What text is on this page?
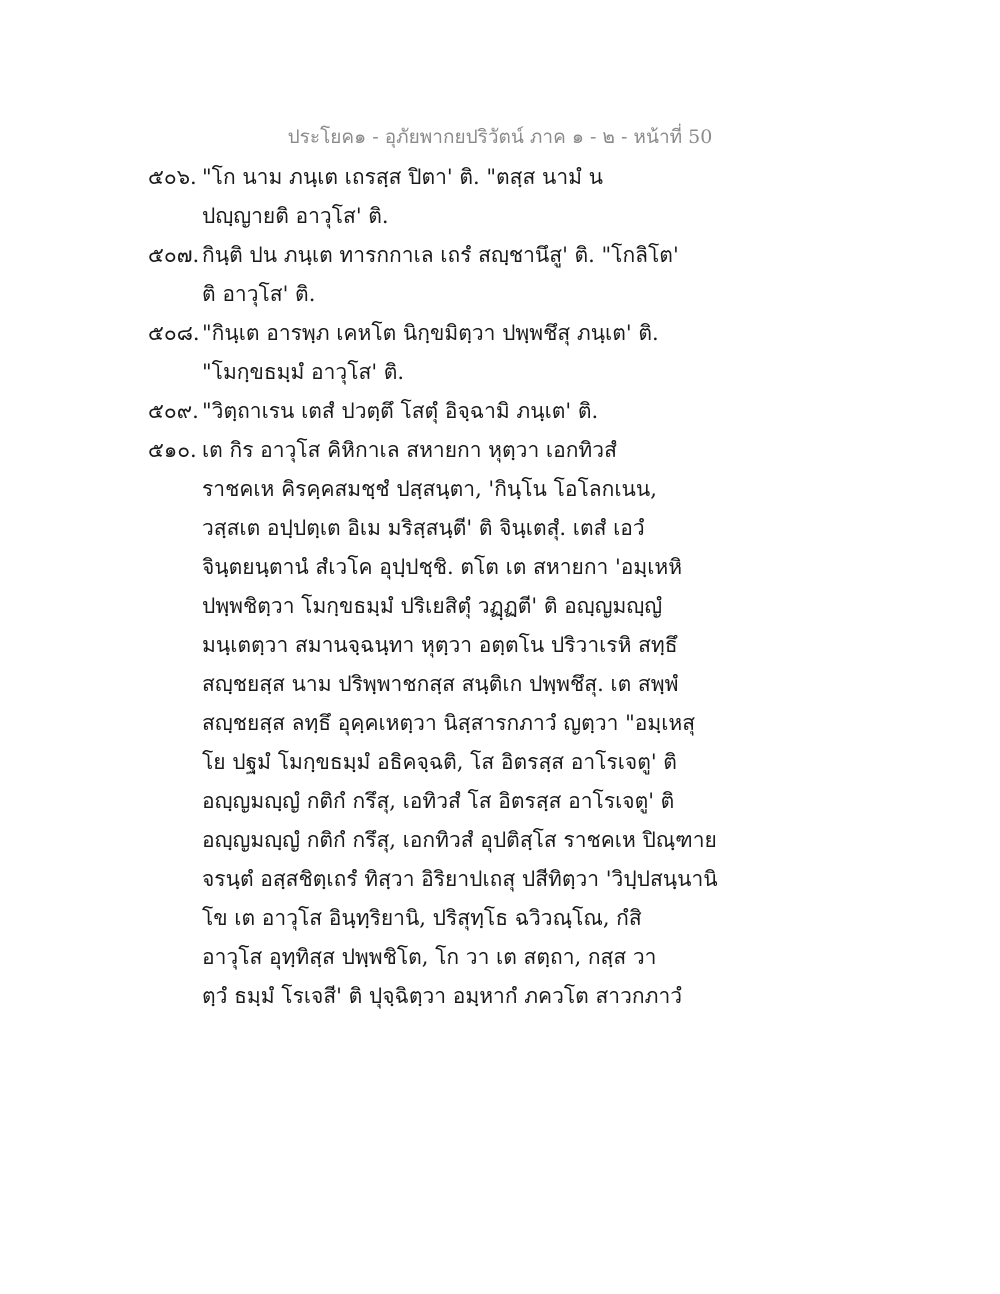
ประโยค๑ - อุภัยพากยปริวัตน์ ภาค ๑ - ๒ - หน้าที่ 50
๕๐๖. "โก นาม ภนฺเต เถรสฺส ปิตา' ติ. "ตสฺส นามํ น
ปญฺญายติ อาวุโส' ติ.
๕๐๗. กินฺติ ปน ภนฺเต ทารกกาเล เถรํ สญฺชานึสู' ติ. "โกลิโต'
ติ อาวุโส' ติ.
๕๐๘. "กินฺเต อารพฺภ เคหโต นิกฺขมิตฺวา ปพฺพชึสุ ภนฺเต' ติ.
"โมกฺขธมฺมํ อาวุโส' ติ.
๕๐๙. "วิตฺถาเรน เตสํ ปวตฺตึ โสตุํ อิจฺฉามิ ภนฺเต' ติ.
๕๑๐. เต กิร อาวุโส คิหิกาเล สหายกา หุตฺวา เอกทิวสํ
ราชคเห คิรคฺคสมชฺชํ ปสฺสนฺตา, 'กินฺโน โอโลกเนน,
วสฺสเต อปฺปตฺเต อิเม มริสฺสนฺตี' ติ จินฺเตสุํ. เตสํ เอวํ
จินฺตยนฺตานํ สํเวโค อุปฺปชฺชิ. ตโต เต สหายกา 'อมฺเหหิ
ปพฺพชิตฺวา โมกฺขธมฺมํ ปริเยสิตุํ วฏฺฏตี' ติ อญฺญมญฺญํ
มนฺเตตฺวา สมานจฺฉนฺทา หุตฺวา อตฺตโน ปริวาเรหิ สทฺธึ
สญฺชยสฺส นาม ปริพฺพาชกสฺส สนฺติเก ปพฺพชึสุ. เต สพฺพํ
สญฺชยสฺส ลทฺธึ อุคฺคเหตฺวา นิสฺสารกภาวํ ญตฺวา "อมฺเหสุ
โย ปฐมํ โมกฺขธมฺมํ อธิคจฺฉติ, โส อิตรสฺส อาโรเจตู' ติ
อญฺญมญฺญํ กติกํ กรึสุ, เอทิวสํ โส อิตรสฺส อาโรเจตู' ติ
อญฺญมญฺญํ กติกํ กรึสุ, เอกทิวสํ อุปติสฺโส ราชคเห ปิณฺฑาย
จรนฺตํ อสฺสชิตฺเถรํ ทิสฺวา อิริยาปเถสุ ปสีทิตฺวา 'วิปฺปสนฺนานิ
โข เต อาวุโส อินฺทฺริยานิ, ปริสุทฺโธ ฉวิวณฺโณ, กํสิ
อาวุโส อุทฺทิสฺส ปพฺพชิโต, โก วา เต สตฺถา, กสฺส วา
ตฺวํ ธมฺมํ โรเจสี' ติ ปุจฺฉิตฺวา อมฺหากํ ภควโต สาวกภาวํ
